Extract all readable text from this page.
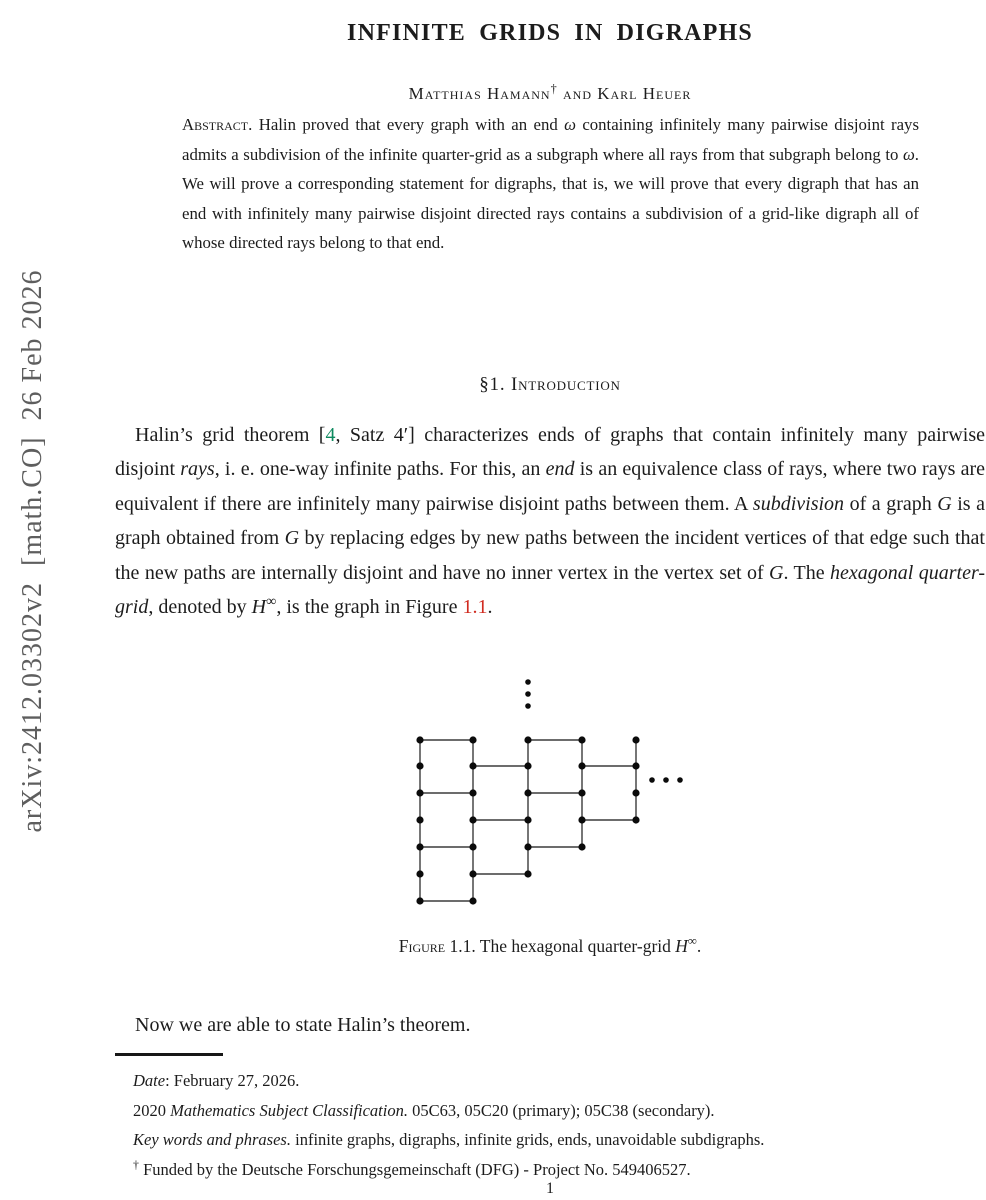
arXiv:2412.03302v2  [math.CO]  26 Feb 2026
INFINITE GRIDS IN DIGRAPHS
Matthias Hamann† and Karl Heuer
Abstract. Halin proved that every graph with an end ω containing infinitely many pairwise disjoint rays admits a subdivision of the infinite quarter-grid as a subgraph where all rays from that subgraph belong to ω. We will prove a corresponding statement for digraphs, that is, we will prove that every digraph that has an end with infinitely many pairwise disjoint directed rays contains a subdivision of a grid-like digraph all of whose directed rays belong to that end.
§1. Introduction

Halin’s grid theorem [4, Satz 4′] characterizes ends of graphs that contain infinitely many pairwise disjoint rays, i. e. one-way infinite paths. For this, an end is an equivalence class of rays, where two rays are equivalent if there are infinitely many pairwise disjoint paths between them. A subdivision of a graph G is a graph obtained from G by replacing edges by new paths between the incident vertices of that edge such that the new paths are internally disjoint and have no inner vertex in the vertex set of G. The hexagonal quarter-grid, denoted by H∞, is the graph in Figure 1.1.

Figure 1.1. The hexagonal quarter-grid H∞.

Now we are able to state Halin’s theorem.

Date: February 27, 2026.
2020 Mathematics Subject Classification. 05C63, 05C20 (primary); 05C38 (secondary).
Key words and phrases. infinite graphs, digraphs, infinite grids, ends, unavoidable subdigraphs.
† Funded by the Deutsche Forschungsgemeinschaft (DFG) - Project No. 549406527.
1
